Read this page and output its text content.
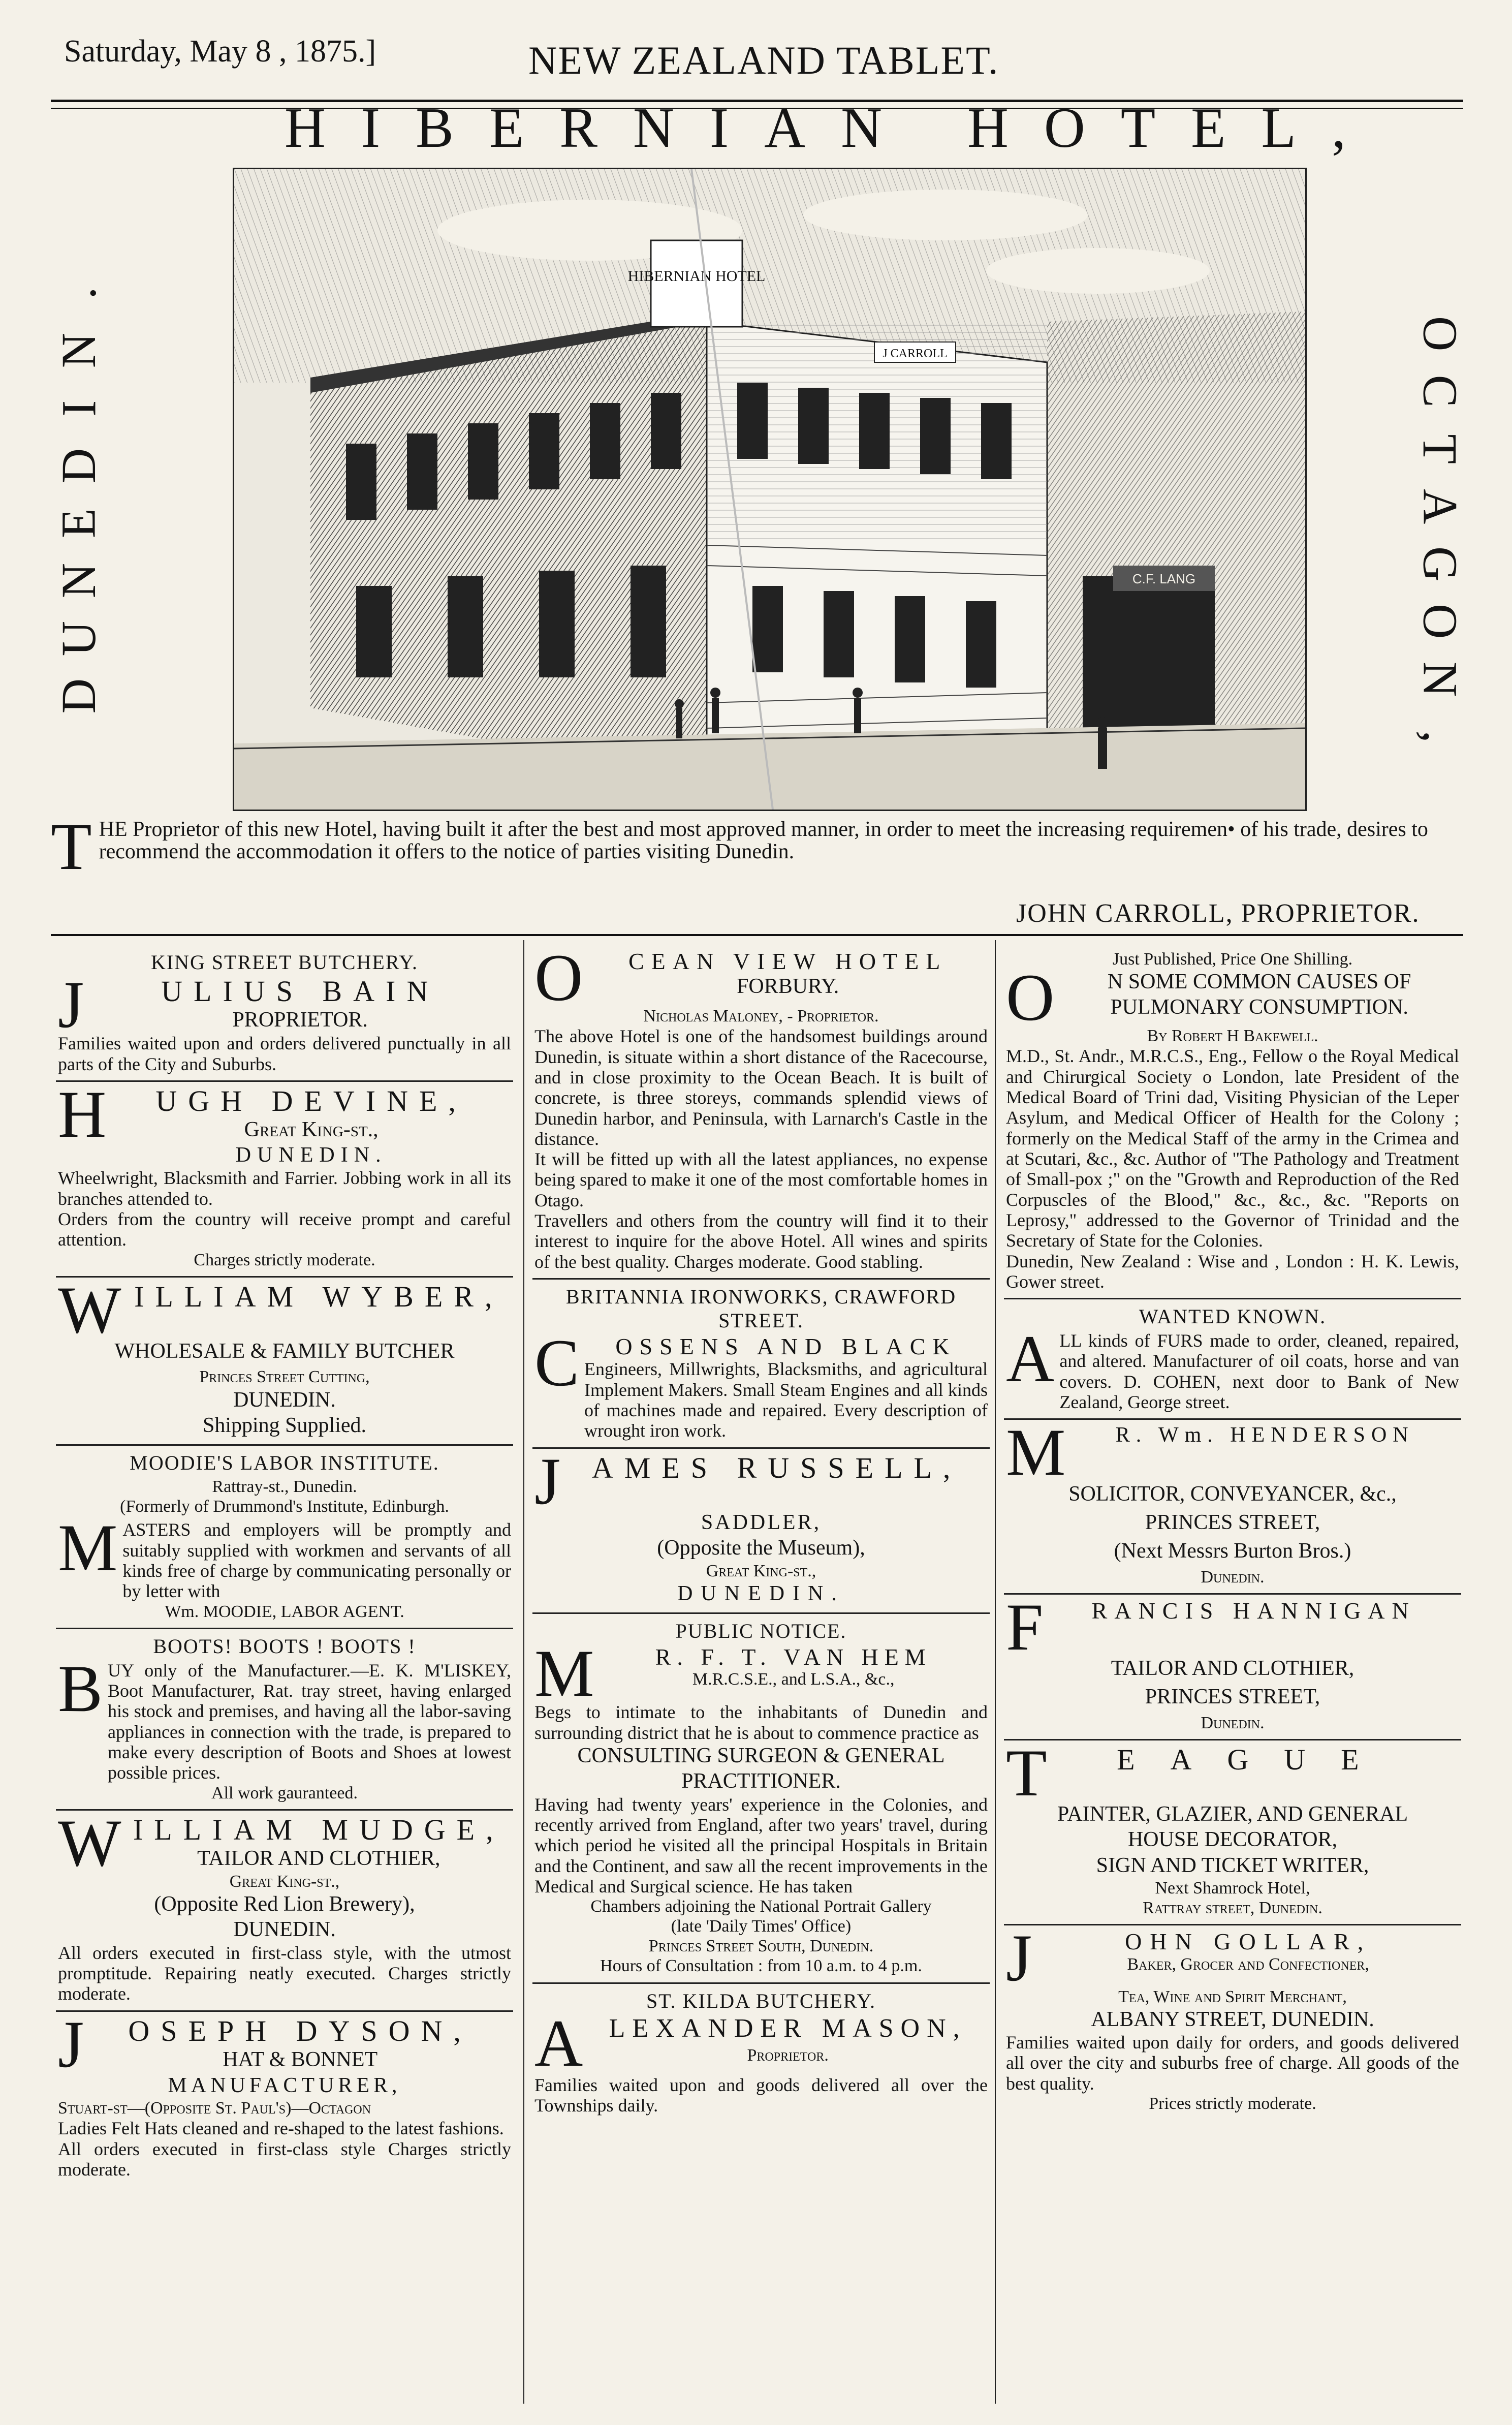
Saturday, May 8 , 1875.]	NEW ZEALAND TABLET.
HIBERNIAN HOTEL,
D
U
N
E
D
I
N
.
O
C
T
A
G
O
N
,
HIBERNIAN HOTEL
J CARROLL
C.F. LANG
THE Proprietor of this new Hotel, having built it after the best and most approved manner, in order to meet the increasing requiremen• of his trade, desires to recommend the accommodation it offers to the notice of parties visiting Dunedin.
JOHN CARROLL, PROPRIETOR.
KING STREET BUTCHERY.
J	ULIUS BAIN
PROPRIETOR.
Families waited upon and orders delivered punctually in all parts of the City and Suburbs.
H	UGH DEVINE,
Great King-st.,
DUNEDIN.
Wheelwright, Blacksmith and Farrier. Jobbing work in all its branches attended to.
Orders from the country will receive prompt and careful attention.
Charges strictly moderate.
W ILLIAM WYBER,
WHOLESALE & FAMILY BUTCHER
Princes Street Cutting,
DUNEDIN.
Shipping Supplied.
MOODIE'S LABOR INSTITUTE.
Rattray-st., Dunedin.
(Formerly of Drummond's Institute, Edinburgh.
M ASTERS and employers will be promptly and suitably supplied with workmen and servants of all kinds free of charge by communicating personally or by letter with
Wm. MOODIE, LABOR AGENT.
BOOTS! BOOTS ! BOOTS !
B UY only of the Manufacturer.—E. K. M'LISKEY, Boot Manufacturer, Rat. tray street, having enlarged his stock and premises, and having all the labor-saving appliances in connection with the trade, is prepared to make every description of Boots and Shoes at lowest possible prices.
All work gauranteed.
W ILLIAM MUDGE,
TAILOR AND CLOTHIER,
Great King-st.,
(Opposite Red Lion Brewery),
DUNEDIN.
All orders executed in first-class style, with the utmost promptitude. Repairing neatly executed. Charges strictly moderate.
J	OSEPH DYSON,
HAT & BONNET
MANUFACTURER,
Stuart-st—(Opposite St. Paul's)—Octagon
Ladies Felt Hats cleaned and re-shaped to the latest fashions.
All orders executed in first-class style Charges strictly moderate.
O	CEAN VIEW HOTEL
FORBURY.
Nicholas Maloney, - Proprietor.
The above Hotel is one of the handsomest buildings around Dunedin, is situate within a short distance of the Racecourse, and in close proximity to the Ocean Beach. It is built of concrete, is three storeys, commands splendid views of Dunedin harbor, and Peninsula, with Larnarch's Castle in the distance.
It will be fitted up with all the latest appliances, no expense being spared to make it one of the most comfortable homes in Otago.
Travellers and others from the country will find it to their interest to inquire for the above Hotel. All wines and spirits of the best quality. Charges moderate. Good stabling.
BRITANNIA IRONWORKS, CRAWFORD STREET.
C	OSSENS AND BLACK
Engineers, Millwrights, Blacksmiths, and agricultural Implement Makers. Small Steam Engines and all kinds of machines made and repaired. Every description of wrought iron work.
J	AMES RUSSELL,
SADDLER,
(Opposite the Museum),
Great King-st.,
DUNEDIN.
PUBLIC NOTICE.
M	R. F. T. VAN HEM
M.R.C.S.E., and L.S.A., &c.,
Begs to intimate to the inhabitants of Dunedin and surrounding district that he is about to commence practice as
CONSULTING SURGEON & GENERAL PRACTITIONER.
Having had twenty years' experience in the Colonies, and recently arrived from England, after two years' travel, during which period he visited all the principal Hospitals in Britain and the Continent, and saw all the recent improvements in the Medical and Surgical science. He has taken
Chambers adjoining the National Portrait Gallery
(late 'Daily Times' Office)
Princes Street South, Dunedin.
Hours of Consultation : from 10 a.m. to 4 p.m.
ST. KILDA BUTCHERY.
A LEXANDER MASON,
Proprietor.
Families waited upon and goods delivered all over the Townships daily.
Just Published, Price One Shilling.
O	N SOME COMMON CAUSES OF PULMONARY CONSUMPTION.
By Robert H Bakewell.
M.D., St. Andr., M.R.C.S., Eng., Fellow o the Royal Medical and Chirurgical Society o London, late President of the Medical Board of Trini dad, Visiting Physician of the Leper Asylum, and Medical Officer of Health for the Colony ; formerly on the Medical Staff of the army in the Crimea and at Scutari, &c., &c. Author of "The Pathology and Treatment of Small-pox ;" on the "Growth and Reproduction of the Red Corpuscles of the Blood," &c., &c., &c. "Reports on Leprosy," addressed to the Governor of Trinidad and the Secretary of State for the Colonies.
Dunedin, New Zealand : Wise and , London : H. K. Lewis, Gower street.
WANTED KNOWN.
A LL kinds of FURS made to order, cleaned, repaired, and altered. Manufacturer of oil coats, horse and van covers. D. COHEN, next door to Bank of New Zealand, George street.
M	R. Wm. HENDERSON
SOLICITOR, CONVEYANCER, &c.,
PRINCES STREET,
(Next Messrs Burton Bros.)
Dunedin.
F	RANCIS HANNIGAN
TAILOR AND CLOTHIER,
PRINCES STREET,
Dunedin.
T	EAGUE
PAINTER, GLAZIER, AND GENERAL
HOUSE DECORATOR,
SIGN AND TICKET WRITER,
Next Shamrock Hotel,
Rattray street, Dunedin.
J	OHN GOLLAR,
Baker, Grocer and Confectioner,
Tea, Wine and Spirit Merchant,
ALBANY STREET, DUNEDIN.
Families waited upon daily for orders, and goods delivered all over the city and suburbs free of charge. All goods of the best quality.
Prices strictly moderate.
